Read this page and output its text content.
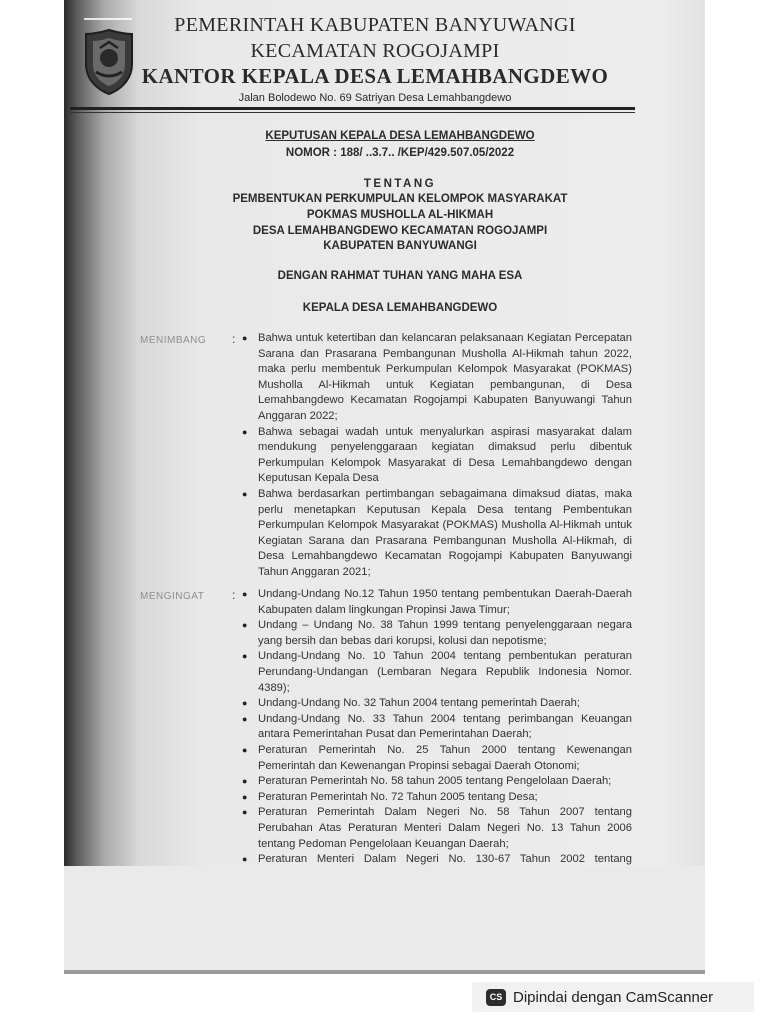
PEMERINTAH KABUPATEN BANYUWANGI
KECAMATAN ROGOJAMPI
KANTOR KEPALA DESA LEMAHBANGDEWO
Jalan Bolodewo No. 69 Satriyan Desa Lemahbangdewo
KEPUTUSAN KEPALA DESA LEMAHBANGDEWO
NOMOR : 188/ ..3.7.. /KEP/429.507.05/2022
TENTANG
PEMBENTUKAN PERKUMPULAN KELOMPOK MASYARAKAT
POKMAS MUSHOLLA AL-HIKMAH
DESA LEMAHBANGDEWO KECAMATAN ROGOJAMPI
KABUPATEN BANYUWANGI
DENGAN RAHMAT TUHAN YANG MAHA ESA
KEPALA DESA LEMAHBANGDEWO
MENIMBANG :	● Bahwa untuk ketertiban dan kelancaran pelaksanaan Kegiatan Percepatan Sarana dan Prasarana Pembangunan Musholla Al-Hikmah tahun 2022, maka perlu membentuk Perkumpulan Kelompok Masyarakat (POKMAS) Musholla Al-Hikmah untuk Kegiatan pembangunan, di Desa Lemahbangdewo Kecamatan Rogojampi Kabupaten Banyuwangi Tahun Anggaran 2022;
● Bahwa sebagai wadah untuk menyalurkan aspirasi masyarakat dalam mendukung penyelenggaraan kegiatan dimaksud perlu dibentuk Perkumpulan Kelompok Masyarakat di Desa Lemahbangdewo dengan Keputusan Kepala Desa
● Bahwa berdasarkan pertimbangan sebagaimana dimaksud diatas, maka perlu menetapkan Keputusan Kepala Desa tentang Pembentukan Perkumpulan Kelompok Masyarakat (POKMAS) Musholla Al-Hikmah untuk Kegiatan Sarana dan Prasarana Pembangunan Musholla Al-Hikmah, di Desa Lemahbangdewo Kecamatan Rogojampi Kabupaten Banyuwangi Tahun Anggaran 2021;
MENGINGAT :	● Undang-Undang No.12 Tahun 1950 tentang pembentukan Daerah-Daerah Kabupaten dalam lingkungan Propinsi Jawa Timur;
● Undang – Undang No. 38 Tahun 1999 tentang penyelenggaraan negara yang bersih dan bebas dari korupsi, kolusi dan nepotisme;
● Undang-Undang No. 10 Tahun 2004 tentang pembentukan peraturan Perundang-Undangan (Lembaran Negara Republik Indonesia Nomor. 4389);
● Undang-Undang No. 32 Tahun 2004 tentang pemerintah Daerah;
● Undang-Undang No. 33 Tahun 2004 tentang perimbangan Keuangan antara Pemerintahan Pusat dan Pemerintahan Daerah;
● Peraturan Pemerintah No. 25 Tahun 2000 tentang Kewenangan Pemerintah dan Kewenangan Propinsi sebagai Daerah Otonomi;
● Peraturan Pemerintah No. 58 tahun 2005 tentang Pengelolaan Daerah;
● Peraturan Pemerintah No. 72 Tahun 2005 tentang Desa;
● Peraturan Pemerintah Dalam Negeri No. 58 Tahun 2007 tentang Perubahan Atas Peraturan Menteri Dalam Negeri No. 13 Tahun 2006 tentang Pedoman Pengelolaan Keuangan Daerah;
● Peraturan Menteri Dalam Negeri No. 130-67 Tahun 2002 tentang
CS Dipindai dengan CamScanner
